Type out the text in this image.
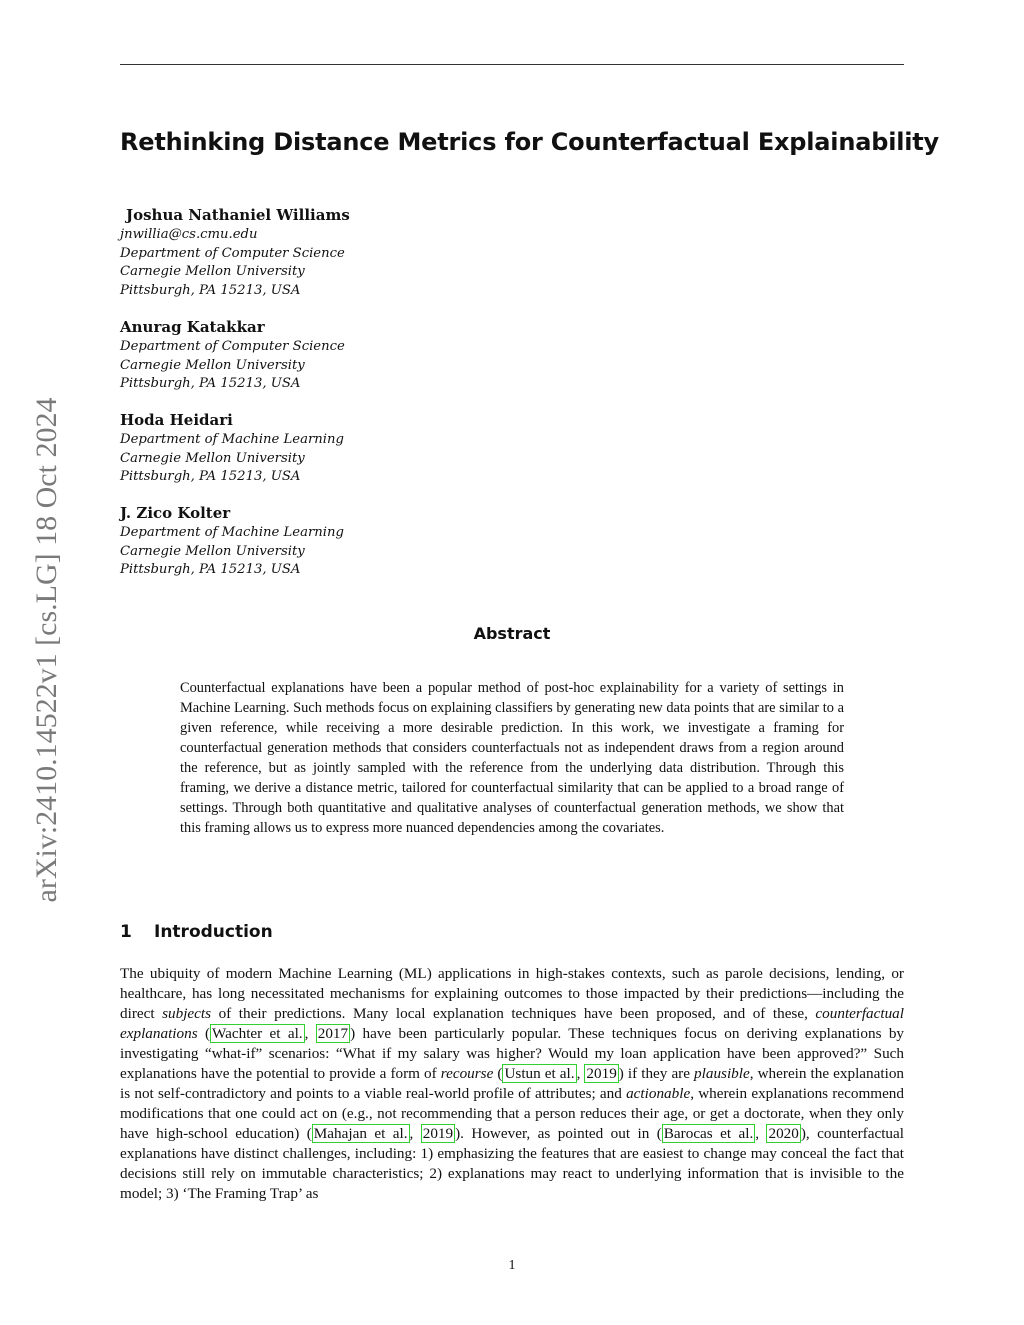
Rethinking Distance Metrics for Counterfactual Explainability
arXiv:2410.14522v1 [cs.LG] 18 Oct 2024
Joshua Nathaniel Williams
jnwillia@cs.cmu.edu
Department of Computer Science
Carnegie Mellon University
Pittsburgh, PA 15213, USA
Anurag Katakkar
Department of Computer Science
Carnegie Mellon University
Pittsburgh, PA 15213, USA
Hoda Heidari
Department of Machine Learning
Carnegie Mellon University
Pittsburgh, PA 15213, USA
J. Zico Kolter
Department of Machine Learning
Carnegie Mellon University
Pittsburgh, PA 15213, USA
Abstract
Counterfactual explanations have been a popular method of post-hoc explainability for a variety of settings in Machine Learning. Such methods focus on explaining classifiers by generating new data points that are similar to a given reference, while receiving a more desirable prediction. In this work, we investigate a framing for counterfactual generation methods that considers counterfactuals not as independent draws from a region around the reference, but as jointly sampled with the reference from the underlying data distribution. Through this framing, we derive a distance metric, tailored for counterfactual similarity that can be applied to a broad range of settings. Through both quantitative and qualitative analyses of counterfactual generation methods, we show that this framing allows us to express more nuanced dependencies among the covariates.
1 Introduction
The ubiquity of modern Machine Learning (ML) applications in high-stakes contexts, such as parole decisions, lending, or healthcare, has long necessitated mechanisms for explaining outcomes to those impacted by their predictions—including the direct subjects of their predictions. Many local explanation techniques have been proposed, and of these, counterfactual explanations ( Wachter et al. , 2017 ) have been particularly popular. These techniques focus on deriving explanations by investigating “what-if” scenarios: “What if my salary was higher? Would my loan application have been approved?” Such explanations have the potential to provide a form of recourse ( Ustun et al. , 2019 ) if they are plausible, wherein the explanation is not self-contradictory and points to a viable real-world profile of attributes; and actionable, wherein explanations recommend modifications that one could act on (e.g., not recommending that a person reduces their age, or get a doctorate, when they only have high-school education) ( Mahajan et al. , 2019 ). However, as pointed out in ( Barocas et al. , 2020 ), counterfactual explanations have distinct challenges, including: 1) emphasizing the features that are easiest to change may conceal the fact that decisions still rely on immutable characteristics; 2) explanations may react to underlying information that is invisible to the model; 3) ‘The Framing Trap’ as
1
